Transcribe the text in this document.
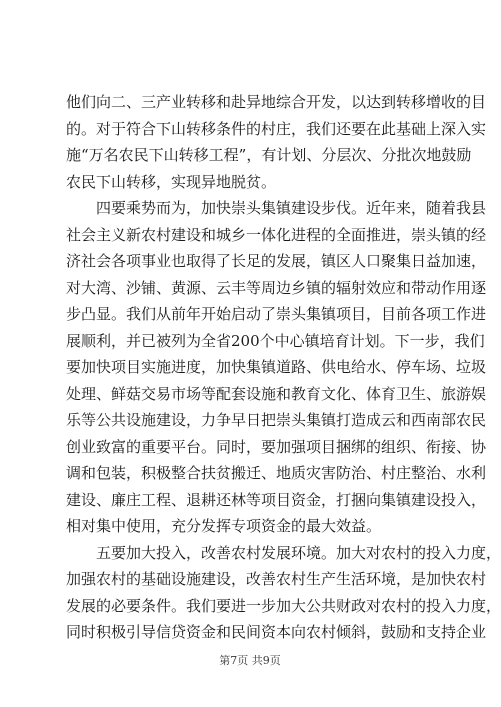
他们向二、三产业转移和赴异地综合开发，以达到转移增收的目
的。对于符合下山转移条件的村庄，我们还要在此基础上深入实
施“万名农民下山转移工程”，有计划、分层次、分批次地鼓励
农民下山转移，实现异地脱贫。

四要乘势而为，加快崇头集镇建设步伐。近年来，随着我县
社会主义新农村建设和城乡一体化进程的全面推进，崇头镇的经
济社会各项事业也取得了长足的发展，镇区人口聚集日益加速，
对大湾、沙铺、黄源、云丰等周边乡镇的辐射效应和带动作用逐
步凸显。我们从前年开始启动了崇头集镇项目，目前各项工作进
展顺利，并已被列为全省200个中心镇培育计划。下一步，我们
要加快项目实施进度，加快集镇道路、供电给水、停车场、垃圾
处理、鲜菇交易市场等配套设施和教育文化、体育卫生、旅游娱
乐等公共设施建设，力争早日把崇头集镇打造成云和西南部农民
创业致富的重要平台。同时，要加强项目捆绑的组织、衔接、协
调和包装，积极整合扶贫搬迁、地质灾害防治、村庄整治、水利
建设、廉庄工程、退耕还林等项目资金，打捆向集镇建设投入，
相对集中使用，充分发挥专项资金的最大效益。

五要加大投入，改善农村发展环境。加大对农村的投入力度，
加强农村的基础设施建设，改善农村生产生活环境，是加快农村
发展的必要条件。我们要进一步加大公共财政对农村的投入力度，
同时积极引导信贷资金和民间资本向农村倾斜，鼓励和支持企业

第7页 共9页
